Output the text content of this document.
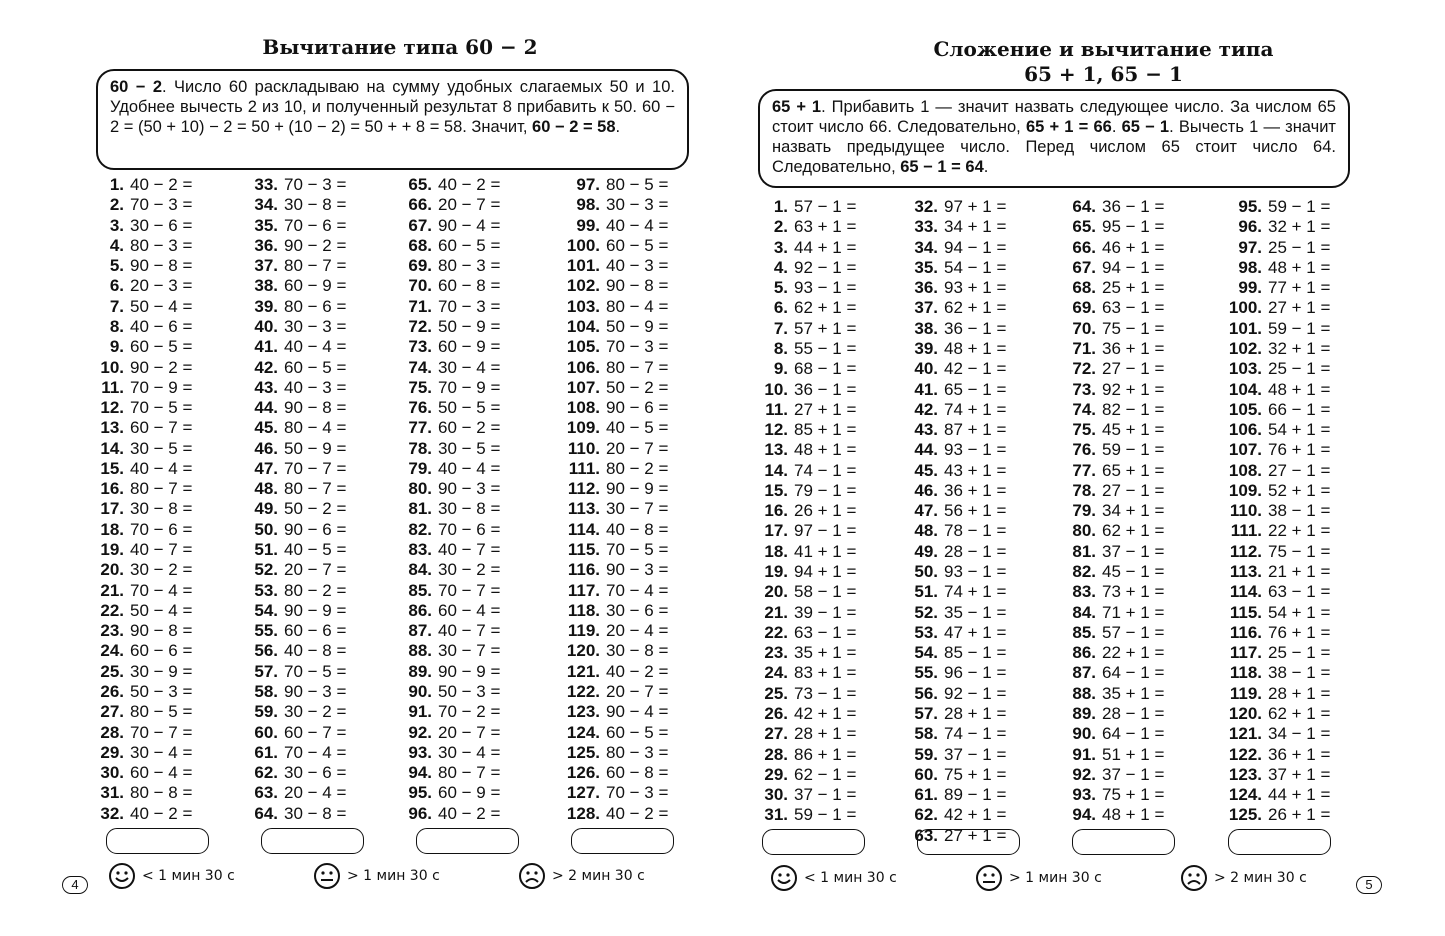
Вычитание типа 60 − 2
60 − 2. Число 60 раскладываю на сумму удобных слагаемых 50 и 10. Удобнее вычесть 2 из 10, и полученный результат 8 прибавить к 50. 60 − 2 = (50 + 10) − 2 = 50 + (10 − 2) = 50 + + 8 = 58. Значит, 60 − 2 = 58.
1. 40 − 2 =
2. 70 − 3 =
3. 30 − 6 =
4. 80 − 3 =
5. 90 − 8 =
6. 20 − 3 =
7. 50 − 4 =
8. 40 − 6 =
9. 60 − 5 =
10. 90 − 2 =
11. 70 − 9 =
12. 70 − 5 =
13. 60 − 7 =
14. 30 − 5 =
15. 40 − 4 =
16. 80 − 7 =
17. 30 − 8 =
18. 70 − 6 =
19. 40 − 7 =
20. 30 − 2 =
21. 70 − 4 =
22. 50 − 4 =
23. 90 − 8 =
24. 60 − 6 =
25. 30 − 9 =
26. 50 − 3 =
27. 80 − 5 =
28. 70 − 7 =
29. 30 − 4 =
30. 60 − 4 =
31. 80 − 8 =
32. 40 − 2 =
33. 70 − 3 =
34. 30 − 8 =
35. 70 − 6 =
36. 90 − 2 =
37. 80 − 7 =
38. 60 − 9 =
39. 80 − 6 =
40. 30 − 3 =
41. 40 − 4 =
42. 60 − 5 =
43. 40 − 3 =
44. 90 − 8 =
45. 80 − 4 =
46. 50 − 9 =
47. 70 − 7 =
48. 80 − 7 =
49. 50 − 2 =
50. 90 − 6 =
51. 40 − 5 =
52. 20 − 7 =
53. 80 − 2 =
54. 90 − 9 =
55. 60 − 6 =
56. 40 − 8 =
57. 70 − 5 =
58. 90 − 3 =
59. 30 − 2 =
60. 60 − 7 =
61. 70 − 4 =
62. 30 − 6 =
63. 20 − 4 =
64. 30 − 8 =
65. 40 − 2 =
66. 20 − 7 =
67. 90 − 4 =
68. 60 − 5 =
69. 80 − 3 =
70. 60 − 8 =
71. 70 − 3 =
72. 50 − 9 =
73. 60 − 9 =
74. 30 − 4 =
75. 70 − 9 =
76. 50 − 5 =
77. 60 − 2 =
78. 30 − 5 =
79. 40 − 4 =
80. 90 − 3 =
81. 30 − 8 =
82. 70 − 6 =
83. 40 − 7 =
84. 30 − 2 =
85. 70 − 7 =
86. 60 − 4 =
87. 40 − 7 =
88. 30 − 7 =
89. 90 − 9 =
90. 50 − 3 =
91. 70 − 2 =
92. 20 − 7 =
93. 30 − 4 =
94. 80 − 7 =
95. 60 − 9 =
96. 40 − 2 =
97. 80 − 5 =
98. 30 − 3 =
99. 40 − 4 =
100. 60 − 5 =
101. 40 − 3 =
102. 90 − 8 =
103. 80 − 4 =
104. 50 − 9 =
105. 70 − 3 =
106. 80 − 7 =
107. 50 − 2 =
108. 90 − 6 =
109. 40 − 5 =
110. 20 − 7 =
111. 80 − 2 =
112. 90 − 9 =
113. 30 − 7 =
114. 40 − 8 =
115. 70 − 5 =
116. 90 − 3 =
117. 70 − 4 =
118. 30 − 6 =
119. 20 − 4 =
120. 30 − 8 =
121. 40 − 2 =
122. 20 − 7 =
123. 90 − 4 =
124. 60 − 5 =
125. 80 − 3 =
126. 60 − 8 =
127. 70 − 3 =
128. 40 − 2 =
< 1 мин 30 с	> 1 мин 30 с	> 2 мин 30 с
4
Сложение и вычитание типа
65 + 1, 65 − 1
65 + 1. Прибавить 1 — значит назвать следующее число. За числом 65 стоит число 66. Следовательно, 65 + 1 = 66. 65 − 1. Вычесть 1 — значит назвать предыдущее число. Перед числом 65 стоит число 64. Следовательно, 65 − 1 = 64.
1. 57 − 1 =
2. 63 + 1 =
3. 44 + 1 =
4. 92 − 1 =
5. 93 − 1 =
6. 62 + 1 =
7. 57 + 1 =
8. 55 − 1 =
9. 68 − 1 =
10. 36 − 1 =
11. 27 + 1 =
12. 85 + 1 =
13. 48 + 1 =
14. 74 − 1 =
15. 79 − 1 =
16. 26 + 1 =
17. 97 − 1 =
18. 41 + 1 =
19. 94 + 1 =
20. 58 − 1 =
21. 39 − 1 =
22. 63 − 1 =
23. 35 + 1 =
24. 83 + 1 =
25. 73 − 1 =
26. 42 + 1 =
27. 28 + 1 =
28. 86 + 1 =
29. 62 − 1 =
30. 37 − 1 =
31. 59 − 1 =
32. 97 + 1 =
33. 34 + 1 =
34. 94 − 1 =
35. 54 − 1 =
36. 93 + 1 =
37. 62 + 1 =
38. 36 − 1 =
39. 48 + 1 =
40. 42 − 1 =
41. 65 − 1 =
42. 74 + 1 =
43. 87 + 1 =
44. 93 − 1 =
45. 43 + 1 =
46. 36 + 1 =
47. 56 + 1 =
48. 78 − 1 =
49. 28 − 1 =
50. 93 − 1 =
51. 74 + 1 =
52. 35 − 1 =
53. 47 + 1 =
54. 85 − 1 =
55. 96 − 1 =
56. 92 − 1 =
57. 28 + 1 =
58. 74 − 1 =
59. 37 − 1 =
60. 75 + 1 =
61. 89 − 1 =
62. 42 + 1 =
63. 27 + 1 =
64. 36 − 1 =
65. 95 − 1 =
66. 46 + 1 =
67. 94 − 1 =
68. 25 + 1 =
69. 63 − 1 =
70. 75 − 1 =
71. 36 + 1 =
72. 27 − 1 =
73. 92 + 1 =
74. 82 − 1 =
75. 45 + 1 =
76. 59 − 1 =
77. 65 + 1 =
78. 27 − 1 =
79. 34 + 1 =
80. 62 + 1 =
81. 37 − 1 =
82. 45 − 1 =
83. 73 + 1 =
84. 71 + 1 =
85. 57 − 1 =
86. 22 + 1 =
87. 64 − 1 =
88. 35 + 1 =
89. 28 − 1 =
90. 64 − 1 =
91. 51 + 1 =
92. 37 − 1 =
93. 75 + 1 =
94. 48 + 1 =
95. 59 − 1 =
96. 32 + 1 =
97. 25 − 1 =
98. 48 + 1 =
99. 77 + 1 =
100. 27 + 1 =
101. 59 − 1 =
102. 32 + 1 =
103. 25 − 1 =
104. 48 + 1 =
105. 66 − 1 =
106. 54 + 1 =
107. 76 + 1 =
108. 27 − 1 =
109. 52 + 1 =
110. 38 − 1 =
111. 22 + 1 =
112. 75 − 1 =
113. 21 + 1 =
114. 63 − 1 =
115. 54 + 1 =
116. 76 + 1 =
117. 25 − 1 =
118. 38 − 1 =
119. 28 + 1 =
120. 62 + 1 =
121. 34 − 1 =
122. 36 + 1 =
123. 37 + 1 =
124. 44 + 1 =
125. 26 + 1 =
< 1 мин 30 с	> 1 мин 30 с	> 2 мин 30 с	5
